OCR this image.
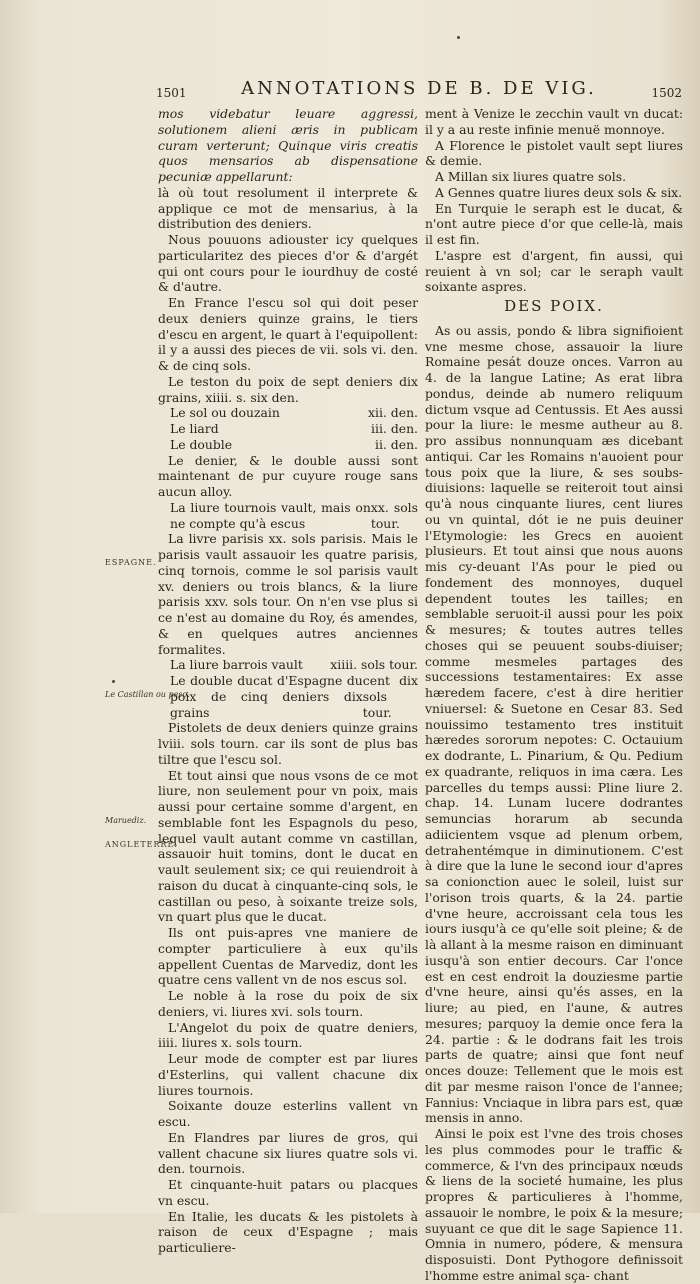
1501	ANNOTATIONS DE B. DE VIG.	1502
ESPAGNE.
Le Castillan ou peso.
Maruediz.
ANGLETERRE.

mos videbatur leuare aggressi, solutionem alieni æris in publicam curam verterunt; Quinque viris creatis quos mensarios ab dispensatione pecuniæ appellarunt:

là où tout resolument il interprete & applique ce mot de mensarius, à la distribution des deniers.

Nous pouuons adiouster icy quelques particularitez des pieces d'or & d'argét qui ont cours pour le iourdhuy de costé & d'autre.

En France l'escu sol qui doit peser deux deniers quinze grains, le tiers d'escu en argent, le quart à l'equipollent: il y a aussi des pieces de vii. sols vi. den. & de cinq sols.

Le teston du poix de sept deniers dix grains, xiiii. s. six den.

Le sol ou douzain	xii. den.
Le liard	iii. den.
Le double	ii. den.

Le denier, & le double aussi sont maintenant de pur cuyure rouge sans aucun alloy.

La liure tournois vault, mais on ne compte qu'à escus
xx. sols tour.

La livre parisis xx. sols parisis. Mais le parisis vault assauoir les quatre parisis, cinq tornois, comme le sol parisis vault xv. deniers ou trois blancs, & la liure parisis xxv. sols tour. On n'en vse plus si ce n'est au domaine du Roy, és amendes, & en quelques autres anciennes formalites.

La liure barrois vault xiiii. sols tour.
Le double ducat d'Espagne du poix de cinq deniers dix grains
cent dix sols tour.

Pistolets de deux deniers quinze grains lviii. sols tourn. car ils sont de plus bas tiltre que l'escu sol.

Et tout ainsi que nous vsons de ce mot liure, non seulement pour vn poix, mais aussi pour certaine somme d'argent, en semblable font les Espagnols du peso, lequel vault autant comme vn castillan, assauoir huit tomins, dont le ducat en vault seulement six; ce qui reuiendroit à raison du ducat à cinquante-cinq sols, le castillan ou peso, à soixante treize sols, vn quart plus que le ducat.

Ils ont puis-apres vne maniere de compter particuliere à eux qu'ils appellent Cuentas de Marvediz, dont les quatre cens vallent vn de nos escus sol.

Le noble à la rose du poix de six deniers, vi. liures xvi. sols tourn.

L'Angelot du poix de quatre deniers, iiii. liures x. sols tourn.

Leur mode de compter est par liures d'Esterlins, qui vallent chacune dix liures tournois.

Soixante douze esterlins vallent vn escu.

En Flandres par liures de gros, qui vallent chacune six liures quatre sols vi. den. tournois.

Et cinquante-huit patars ou placques vn escu.

En Italie, les ducats & les pistolets à raison de ceux d'Espagne ; mais particuliere-

ment à Venize le zecchin vault vn ducat: il y a au reste infinie menuë monnoye.

A Florence le pistolet vault sept liures & demie.

A Millan six liures quatre sols.

A Gennes quatre liures deux sols & six.

En Turquie le seraph est le ducat, & n'ont autre piece d'or que celle-là, mais il est fin.

L'aspre est d'argent, fin aussi, qui reuient à vn sol; car le seraph vault soixante aspres.

DES POIX.

As ou assis, pondo & libra signifioient vne mesme chose, assauoir la liure Romaine pesát douze onces. Varron au 4. de la langue Latine; As erat libra pondus, deinde ab numero reliquum dictum vsque ad Centussis. Et Aes aussi pour la liure: le mesme autheur au 8. pro assibus nonnunquam æs dicebant antiqui. Car les Romains n'auoient pour tous poix que la liure, & ses soubs-diuisions: laquelle se reiteroit tout ainsi qu'à nous cinquante liures, cent liures ou vn quintal, dót ie ne puis deuiner l'Etymologie: les Grecs en auoient plusieurs. Et tout ainsi que nous auons mis cy-deuant l'As pour le pied ou fondement des monnoyes, duquel dependent toutes les tailles; en semblable seruoit-il aussi pour les poix & mesures; & toutes autres telles choses qui se peuuent soubs-diuiser; comme mesmeles partages des successions testamentaires: Ex asse hæredem facere, c'est à dire heritier vniuersel: & Suetone en Cesar 83. Sed nouissimo testamento tres instituit hæredes sororum nepotes: C. Octauium ex dodrante, L. Pinarium, & Qu. Pedium ex quadrante, reliquos in ima cæra. Les parcelles du temps aussi: Pline liure 2. chap. 14. Lunam lucere dodrantes semuncias horarum ab secunda adiicientem vsque ad plenum orbem, detrahentémque in diminutionem. C'est à dire que la lune le second iour d'apres sa conionction auec le soleil, luist sur l'orison trois quarts, & la 24. partie d'vne heure, accroissant cela tous les iours iusqu'à ce qu'elle soit pleine; & de là allant à la mesme raison en diminuant iusqu'à son entier decours. Car l'once est en cest endroit la douziesme partie d'vne heure, ainsi qu'és asses, en la liure; au pied, en l'aune, & autres mesures; parquoy la demie once fera la 24. partie : & le dodrans fait les trois parts de quatre; ainsi que font neuf onces douze: Tellement que le mois est dit par mesme raison l'once de l'annee; Fannius: Vnciaque in libra pars est, quæ mensis in anno.

Ainsi le poix est l'vne des trois choses les plus commodes pour le traffic & commerce, & l'vn des principaux nœuds & liens de la societé humaine, les plus propres & particulieres à l'homme, assauoir le nombre, le poix & la mesure; suyuant ce que dit le sage Sapience 11. Omnia in numero, pódere, & mensura disposuisti. Dont Pythogore definissoit l'homme estre animal sça- chant
